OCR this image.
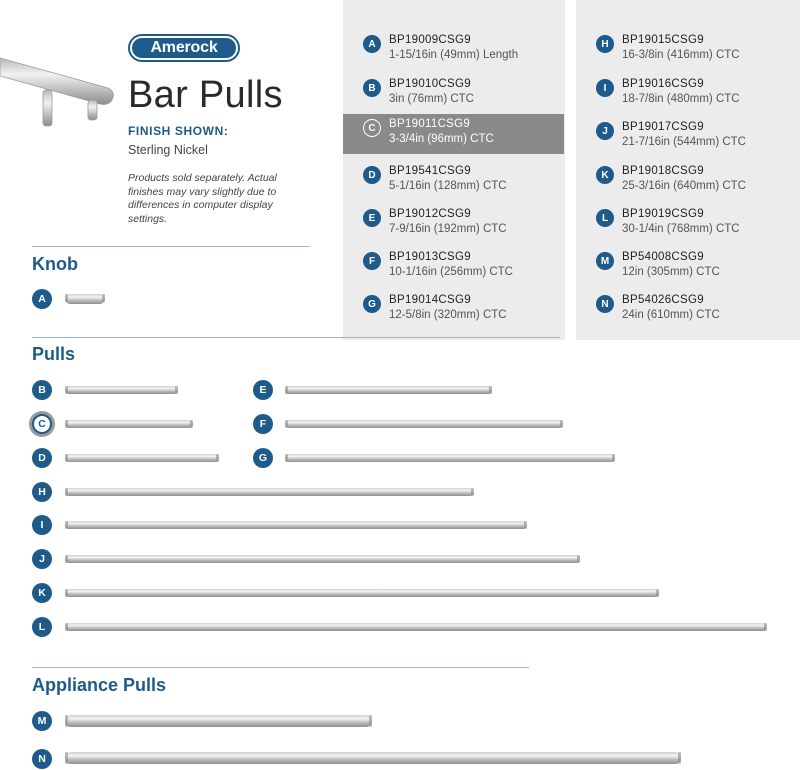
Amerock
Bar Pulls
FINISH SHOWN:
Sterling Nickel
Products sold separately. Actual finishes may vary slightly due to differences in computer display settings.
A	BP19009CSG9
1-15/16in (49mm) Length
B	BP19010CSG9
3in (76mm) CTC
C	BP19011CSG9
3-3/4in (96mm) CTC
D	BP19541CSG9
5-1/16in (128mm) CTC
E	BP19012CSG9
7-9/16in (192mm) CTC
F	BP19013CSG9
10-1/16in (256mm) CTC
G	BP19014CSG9
12-5/8in (320mm) CTC
H	BP19015CSG9
16-3/8in (416mm) CTC
I	BP19016CSG9
18-7/8in (480mm) CTC
J	BP19017CSG9
21-7/16in (544mm) CTC
K	BP19018CSG9
25-3/16in (640mm) CTC
L	BP19019CSG9
30-1/4in (768mm) CTC
M	BP54008CSG9
12in (305mm) CTC
N	BP54026CSG9
24in (610mm) CTC
Knob
A
Pulls
B	E
C	F
D	G
H
I
J
K
L
Appliance Pulls
M
N
